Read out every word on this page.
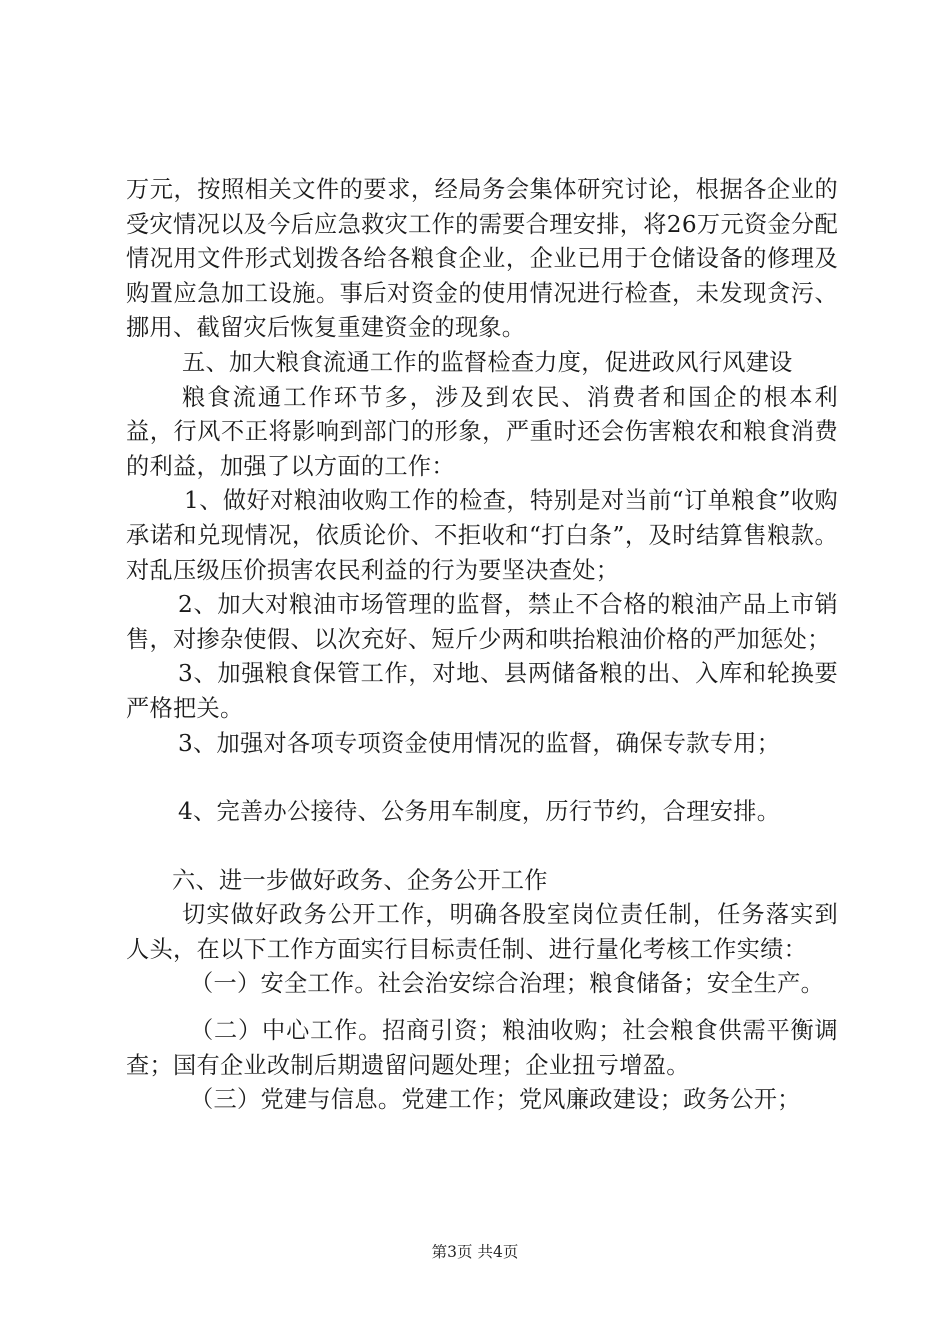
万元，按照相关文件的要求，经局务会集体研究讨论，根据各企业的受灾情况以及今后应急救灾工作的需要合理安排，将26万元资金分配情况用文件形式划拨各给各粮食企业，企业已用于仓储设备的修理及购置应急加工设施。事后对资金的使用情况进行检查，未发现贪污、挪用、截留灾后恢复重建资金的现象。

五、加大粮食流通工作的监督检查力度，促进政风行风建设

粮食流通工作环节多，涉及到农民、消费者和国企的根本利益，行风不正将影响到部门的形象，严重时还会伤害粮农和粮食消费的利益，加强了以方面的工作：

1、做好对粮油收购工作的检查，特别是对当前“订单粮食”收购承诺和兑现情况，依质论价、不拒收和“打白条”，及时结算售粮款。对乱压级压价损害农民利益的行为要坚决查处；

2、加大对粮油市场管理的监督，禁止不合格的粮油产品上市销售，对掺杂使假、以次充好、短斤少两和哄抬粮油价格的严加惩处；

3、加强粮食保管工作，对地、县两储备粮的出、入库和轮换要严格把关。

3、加强对各项专项资金使用情况的监督，确保专款专用；

4、完善办公接待、公务用车制度，历行节约，合理安排。

六、进一步做好政务、企务公开工作

切实做好政务公开工作，明确各股室岗位责任制，任务落实到人头，在以下工作方面实行目标责任制、进行量化考核工作实绩：

（一）安全工作。社会治安综合治理；粮食储备；安全生产。

（二）中心工作。招商引资；粮油收购；社会粮食供需平衡调查；国有企业改制后期遗留问题处理；企业扭亏增盈。

（三）党建与信息。党建工作；党风廉政建设；政务公开；

第3页 共4页
